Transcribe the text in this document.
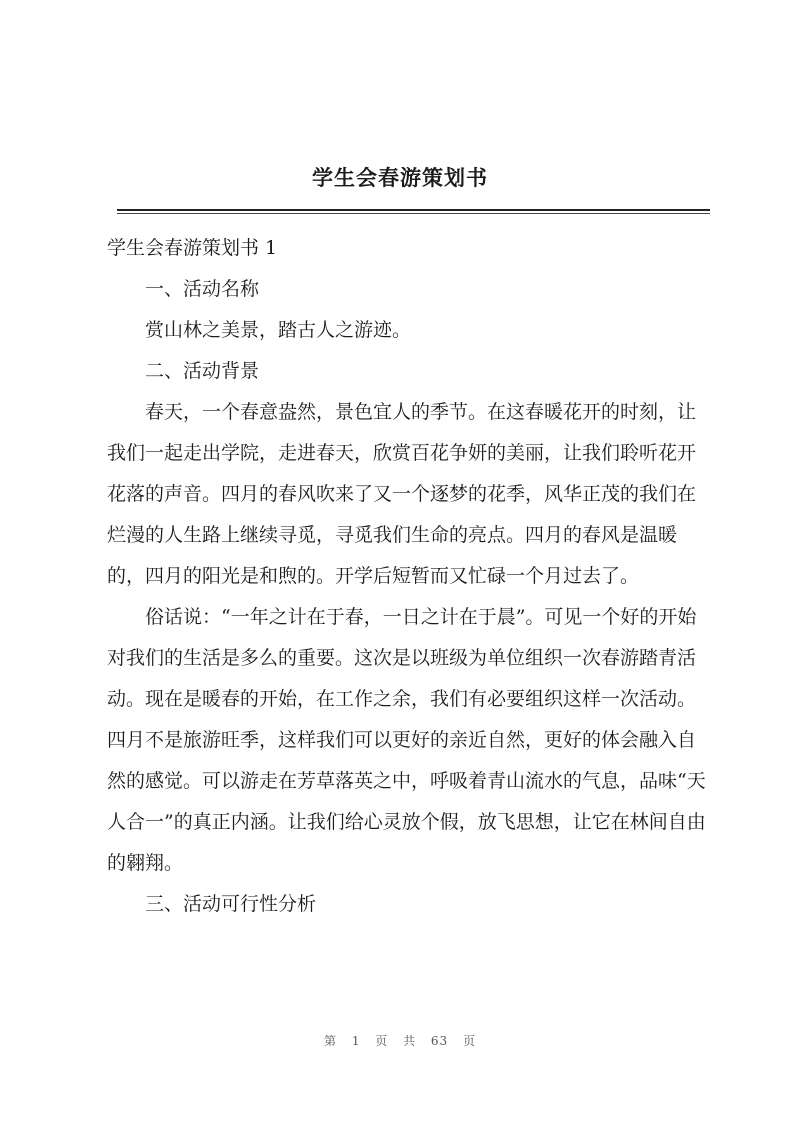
学生会春游策划书

学生会春游策划书 1

一、活动名称

赏山林之美景，踏古人之游迹。

二、活动背景

春天，一个春意盎然，景色宜人的季节。在这春暖花开的时刻，让我们一起走出学院，走进春天，欣赏百花争妍的美丽，让我们聆听花开花落的声音。四月的春风吹来了又一个逐梦的花季，风华正茂的我们在烂漫的人生路上继续寻觅，寻觅我们生命的亮点。四月的春风是温暖的，四月的阳光是和煦的。开学后短暂而又忙碌一个月过去了。

俗话说：“一年之计在于春，一日之计在于晨”。可见一个好的开始对我们的生活是多么的重要。这次是以班级为单位组织一次春游踏青活动。现在是暖春的开始，在工作之余，我们有必要组织这样一次活动。四月不是旅游旺季，这样我们可以更好的亲近自然，更好的体会融入自然的感觉。可以游走在芳草落英之中，呼吸着青山流水的气息，品味“天人合一”的真正内涵。让我们给心灵放个假，放飞思想，让它在林间自由的翱翔。

三、活动可行性分析

第 1 页 共 63 页
